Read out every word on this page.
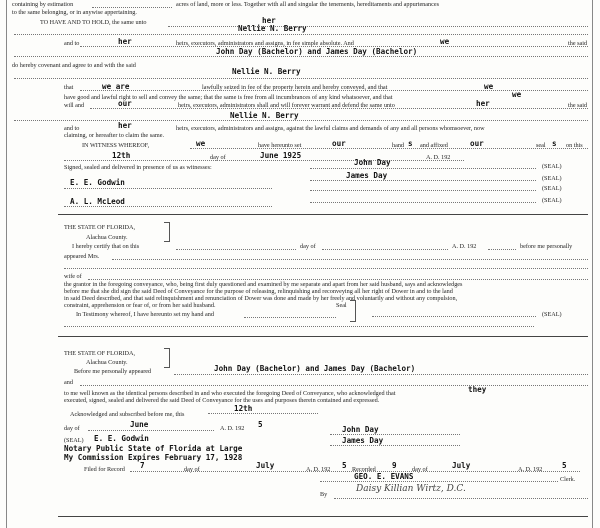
containing by estimation	acres of land, more or less. Together with all and singular the tenements, hereditaments and appurtenances
to the same belonging, or in anywise appertaining.
TO HAVE AND TO HOLD, the same unto	her
Nellie N. Berry
and to	her	heirs, executors, administrators and assigns, in fee simple absolute. And	we	the said
John Day (Bachelor) and James Day (Bachelor)
do hereby covenant and agree to and with the said
Nellie N. Berry
that	we are	lawfully seized in fee of the property herein and hereby conveyed, and that	we
have good and lawful right to sell and convey the same; that the same is free from all incumbrances of any kind whatsoever, and that	we
will and	our	heirs, executors, administrators shall and will forever warrant and defend the same unto	her	the said
Nellie N. Berry
and to	her	heirs, executors, administrators and assigns, against the lawful claims and demands of any and all persons whomsoever, now
claiming, or hereafter to claim the same.
IN WITNESS WHEREOF,	we	have hereunto set	our	hand s and affixed	our	seal s on this
12th	day of	June 1925	A. D. 192
Signed, sealed and delivered in presence of us as witnesses:
John Day	(SEAL)
James Day	(SEAL)
E. E. Godwin
(SEAL)
A. L. McLeod	(SEAL)
THE STATE OF FLORIDA,
Alachua County.
I hereby certify that on this	day of	A. D. 192	before me personally
appeared Mrs.
wife of
the grantor in the foregoing conveyance, who, being first duly questioned and examined by me separate and apart from her said husband, says and acknowledges
before me that she did sign the said Deed of Conveyance for the purpose of releasing, relinquishing and reconveying all her right of Dower in and to the land
in said Deed described, and that said relinquishment and renunciation of Dower was done and made by her freely and voluntarily and without any compulsion,
constraint, apprehension or fear of, or from her said husband.
In Testimony whereof, I have hereunto set my hand and
Seal
(SEAL)
THE STATE OF FLORIDA,
Alachua County.
Before me personally appeared	John Day (Bachelor) and James Day (Bachelor)
and
to me well known as the identical persons described in and who executed the foregoing Deed of Conveyance, who acknowledged that	they
executed, signed, sealed and delivered the said Deed of Conveyance for the uses and purposes therein contained and expressed.
Acknowledged and subscribed before me, this
12th
day of	June	A. D. 192 5
(SEAL) E. E. Godwin
Notary Public State of Florida at Large
My Commission Expires February 17, 1928
John Day
James Day
Filed for Record 7	day of	July	A. D. 192 5 Recorded 9 day of	July	A. D. 192	5
GEO. E. EVANS	Clerk.
By
Daisy Killian Wirtz, D.C.
